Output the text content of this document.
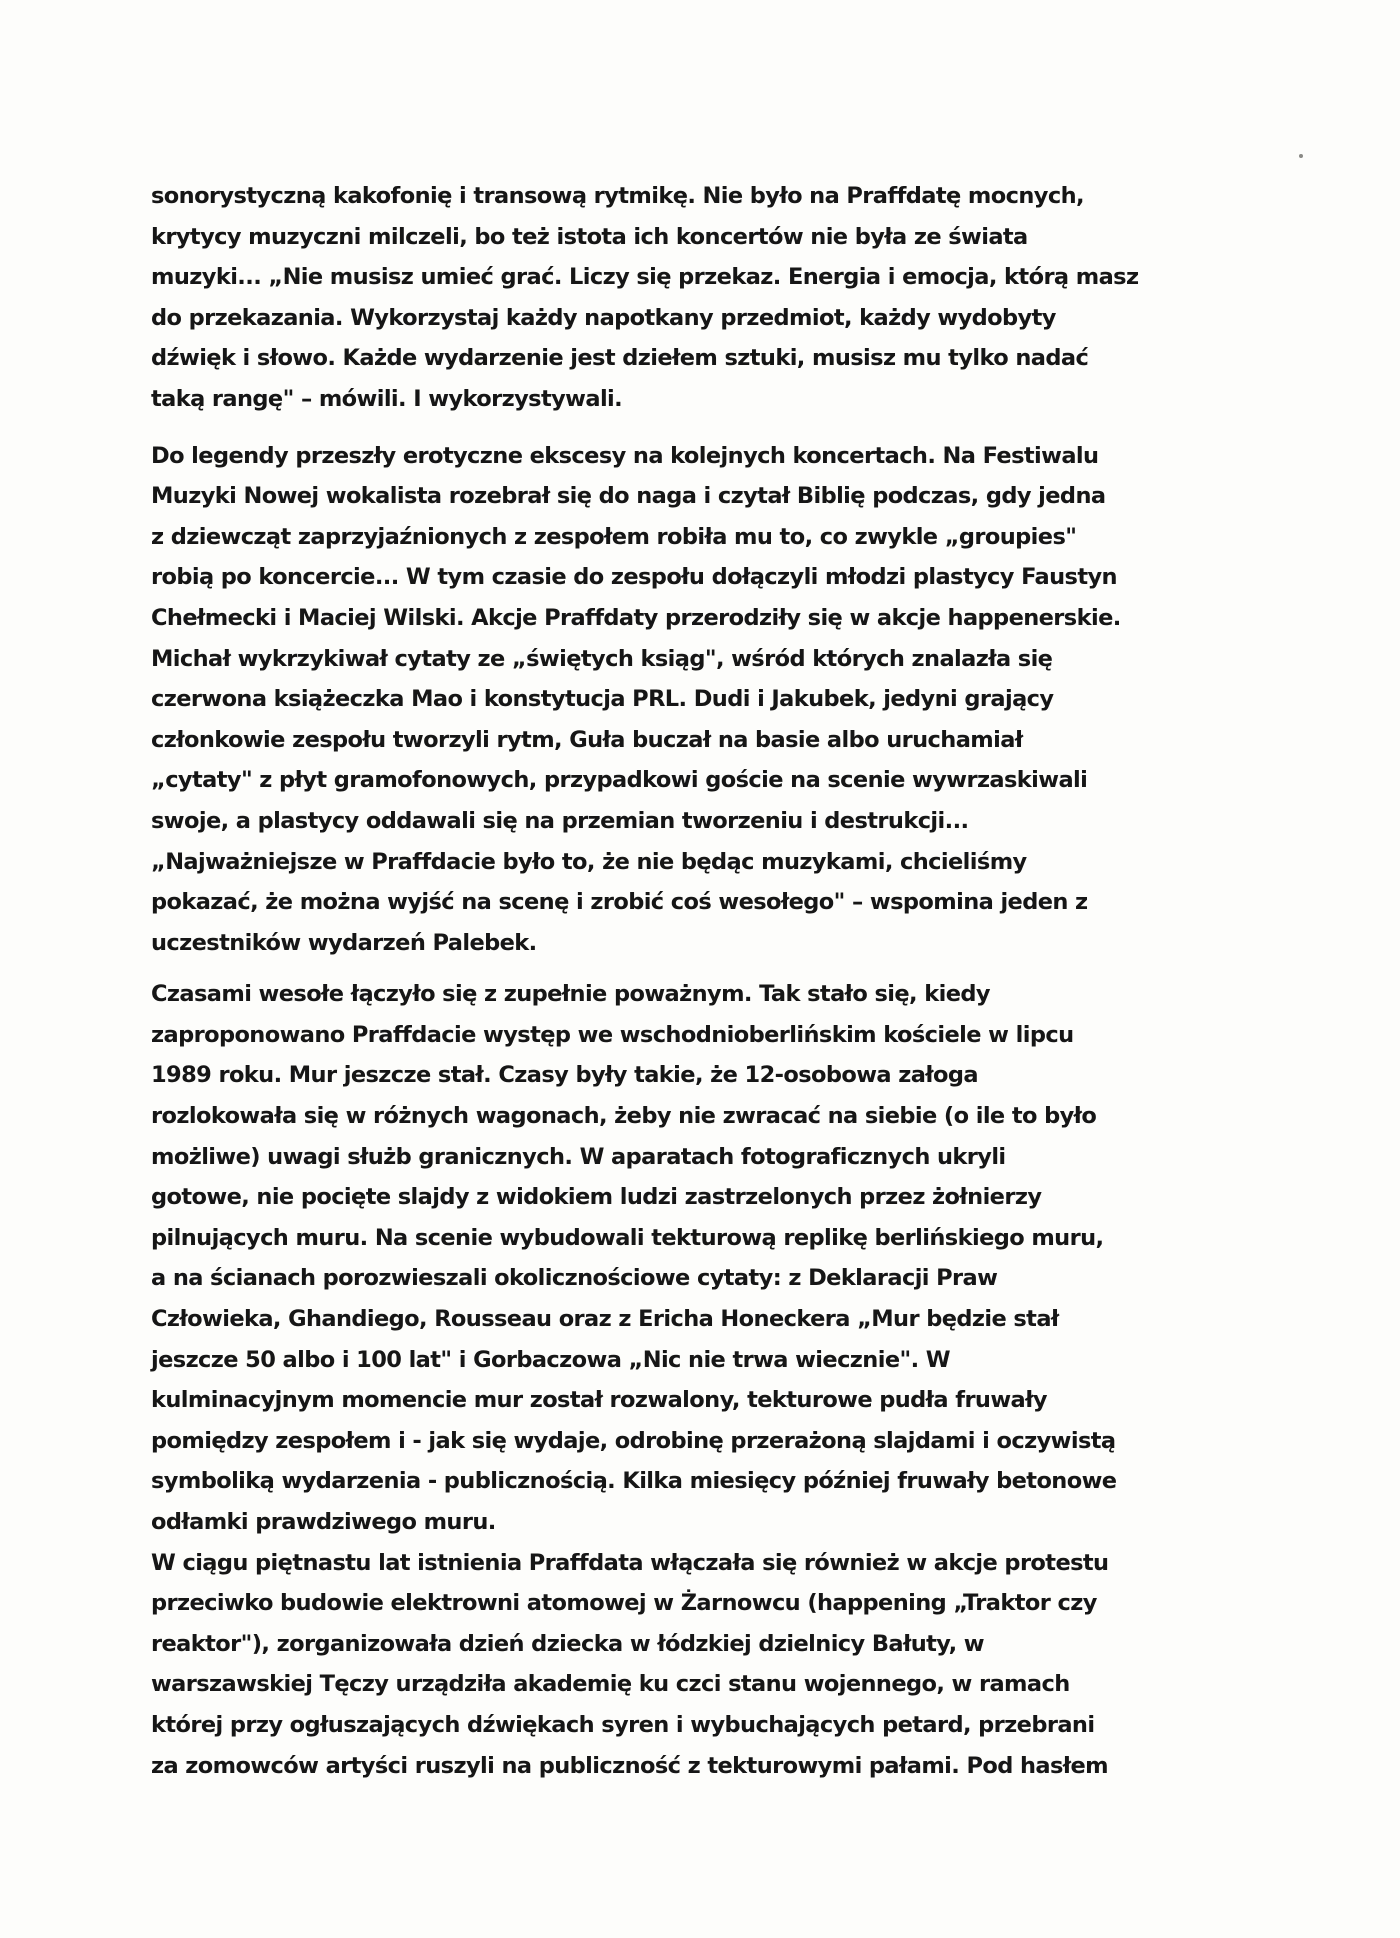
sonorystyczną kakofonię i transową rytmikę. Nie było na Praffdatę mocnych,
krytycy muzyczni milczeli, bo też istota ich koncertów nie była ze świata
muzyki... „Nie musisz umieć grać. Liczy się przekaz. Energia i emocja, którą masz
do przekazania. Wykorzystaj każdy napotkany przedmiot, każdy wydobyty
dźwięk i słowo. Każde wydarzenie jest dziełem sztuki, musisz mu tylko nadać
taką rangę" – mówili. I wykorzystywali.
Do legendy przeszły erotyczne ekscesy na kolejnych koncertach. Na Festiwalu
Muzyki Nowej wokalista rozebrał się do naga i czytał Biblię podczas, gdy jedna
z dziewcząt zaprzyjaźnionych z zespołem robiła mu to, co zwykle „groupies"
robią po koncercie... W tym czasie do zespołu dołączyli młodzi plastycy Faustyn
Chełmecki i Maciej Wilski. Akcje Praffdaty przerodziły się w akcje happenerskie.
Michał wykrzykiwał cytaty ze „świętych ksiąg", wśród których znalazła się
czerwona książeczka Mao i konstytucja PRL. Dudi i Jakubek, jedyni grający
członkowie zespołu tworzyli rytm, Guła buczał na basie albo uruchamiał
„cytaty" z płyt gramofonowych, przypadkowi goście na scenie wywrzaskiwali
swoje, a plastycy oddawali się na przemian tworzeniu i destrukcji...
„Najważniejsze w Praffdacie było to, że nie będąc muzykami, chcieliśmy
pokazać, że można wyjść na scenę i zrobić coś wesołego" – wspomina jeden z
uczestników wydarzeń Palebek.
Czasami wesołe łączyło się z zupełnie poważnym. Tak stało się, kiedy
zaproponowano Praffdacie występ we wschodnioberlińskim kościele w lipcu
1989 roku. Mur jeszcze stał. Czasy były takie, że 12-osobowa załoga
rozlokowała się w różnych wagonach, żeby nie zwracać na siebie (o ile to było
możliwe) uwagi służb granicznych. W aparatach fotograficznych ukryli
gotowe, nie pocięte slajdy z widokiem ludzi zastrzelonych przez żołnierzy
pilnujących muru. Na scenie wybudowali tekturową replikę berlińskiego muru,
a na ścianach porozwieszali okolicznościowe cytaty: z Deklaracji Praw
Człowieka, Ghandiego, Rousseau oraz z Ericha Honeckera „Mur będzie stał
jeszcze 50 albo i 100 lat" i Gorbaczowa „Nic nie trwa wiecznie". W
kulminacyjnym momencie mur został rozwalony, tekturowe pudła fruwały
pomiędzy zespołem i - jak się wydaje, odrobinę przerażoną slajdami i oczywistą
symboliką wydarzenia - publicznością. Kilka miesięcy później fruwały betonowe
odłamki prawdziwego muru.
W ciągu piętnastu lat istnienia Praffdata włączała się również w akcje protestu
przeciwko budowie elektrowni atomowej w Żarnowcu (happening „Traktor czy
reaktor"), zorganizowała dzień dziecka w łódzkiej dzielnicy Bałuty, w
warszawskiej Tęczy urządziła akademię ku czci stanu wojennego, w ramach
której przy ogłuszających dźwiękach syren i wybuchających petard, przebrani
za zomowców artyści ruszyli na publiczność z tekturowymi pałami. Pod hasłem
